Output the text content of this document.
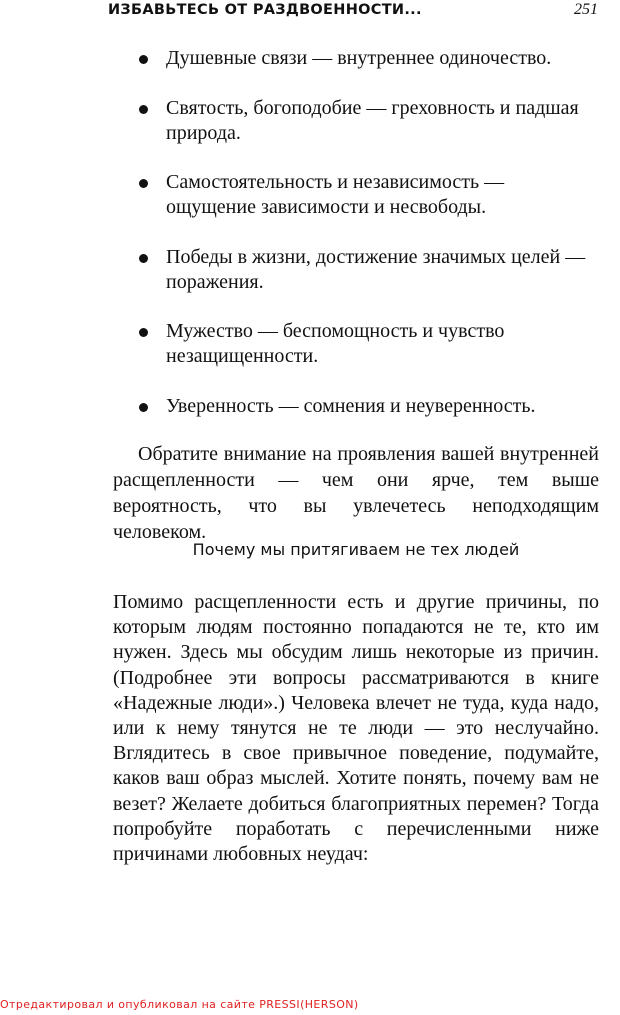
ИЗБАВЬТЕСЬ ОТ РАЗДВОЕННОСТИ...	251
Душевные связи — внутреннее одиночество.
Святость, богоподобие — греховность и падшая природа.
Самостоятельность и независимость — ощущение зависимости и несвободы.
Победы в жизни, достижение значимых целей — поражения.
Мужество — беспомощность и чувство незащищенности.
Уверенность — сомнения и неуверенность.

Обратите внимание на проявления вашей внутренней расщепленности — чем они ярче, тем выше вероятность, что вы увлечетесь неподходящим человеком.

Почему мы притягиваем не тех людей

Помимо расщепленности есть и другие причины, по которым людям постоянно попадаются не те, кто им нужен. Здесь мы обсудим лишь некоторые из причин. (Подробнее эти вопросы рассматриваются в книге «Надежные люди».) Человека влечет не туда, куда надо, или к нему тянутся не те люди — это неслучайно. Вглядитесь в свое привычное поведение, подумайте, каков ваш образ мыслей. Хотите понять, почему вам не везет? Желаете добиться благоприятных перемен? Тогда попробуйте поработать с перечисленными ниже причинами любовных неудач:

Отредактировал и опубликовал на сайте PRESSI(HERSON)
